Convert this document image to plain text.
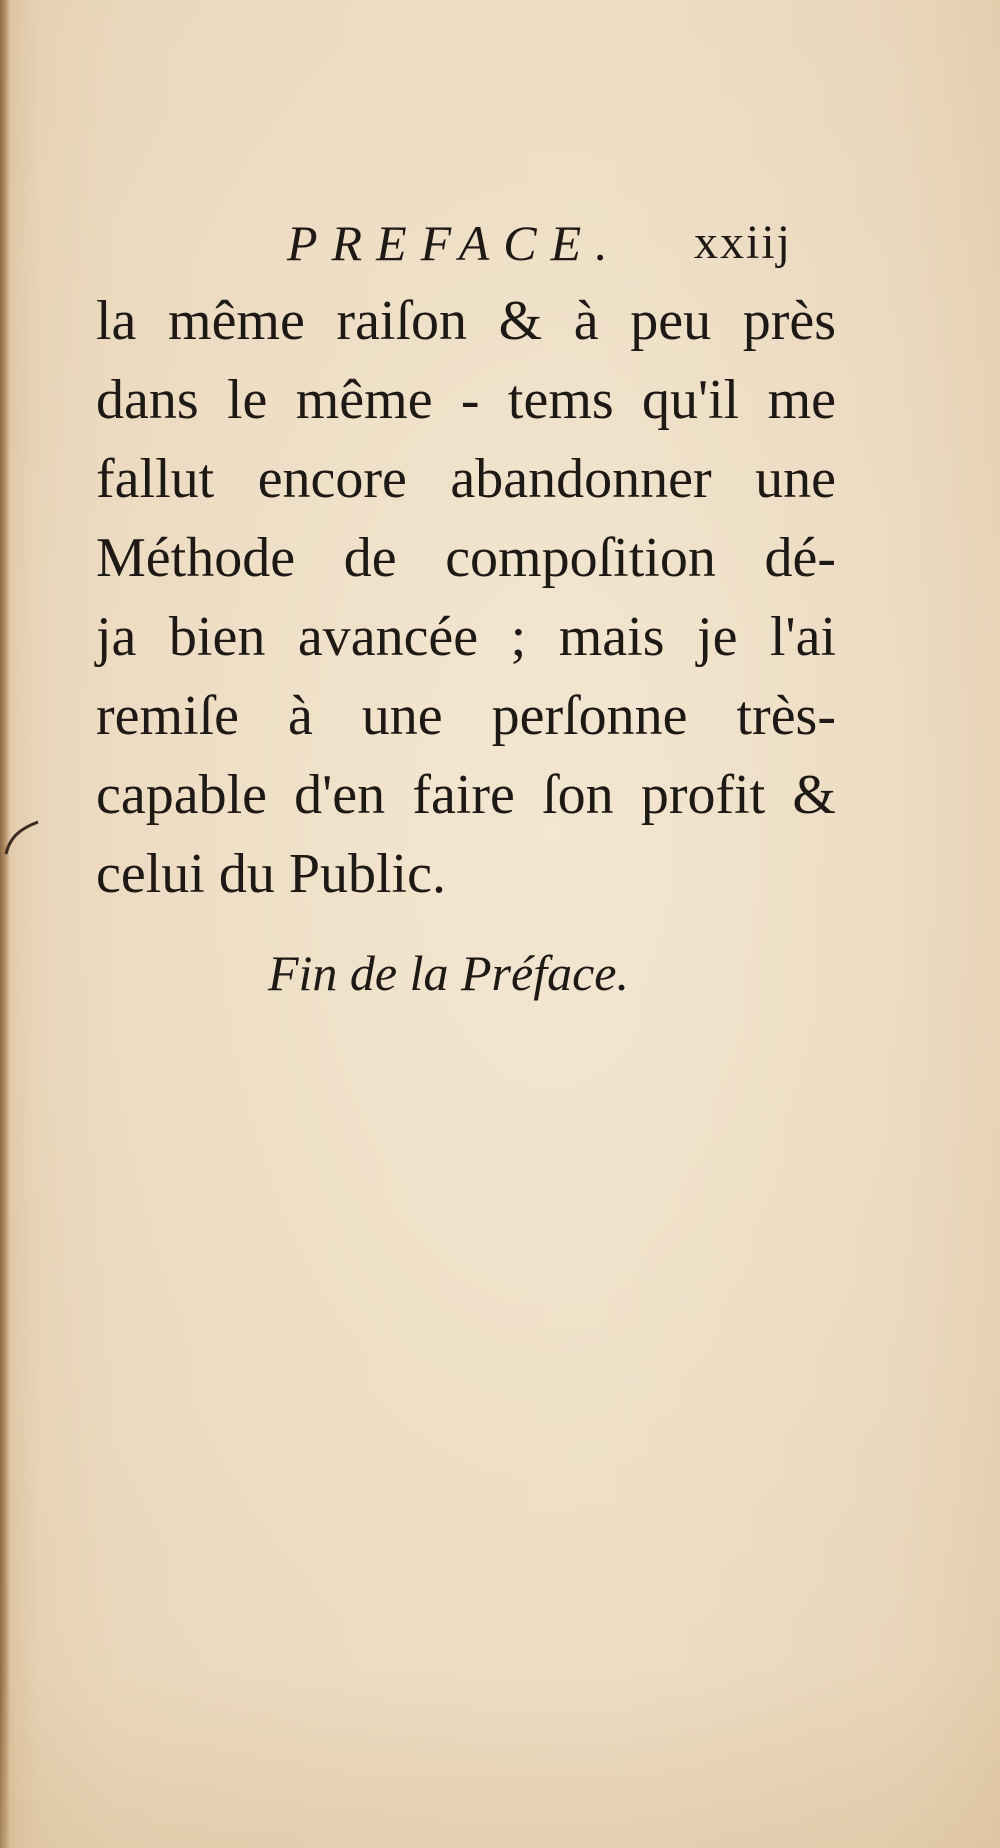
PREFACE. xxiij
la même raiſon & à peu près
dans le même - tems qu'il me
fallut encore abandonner une
Méthode de compoſition dé-
ja bien avancée ; mais je l'ai
remiſe à une perſonne très-
capable d'en faire ſon profit &
celui du Public.
Fin de la Préface.
